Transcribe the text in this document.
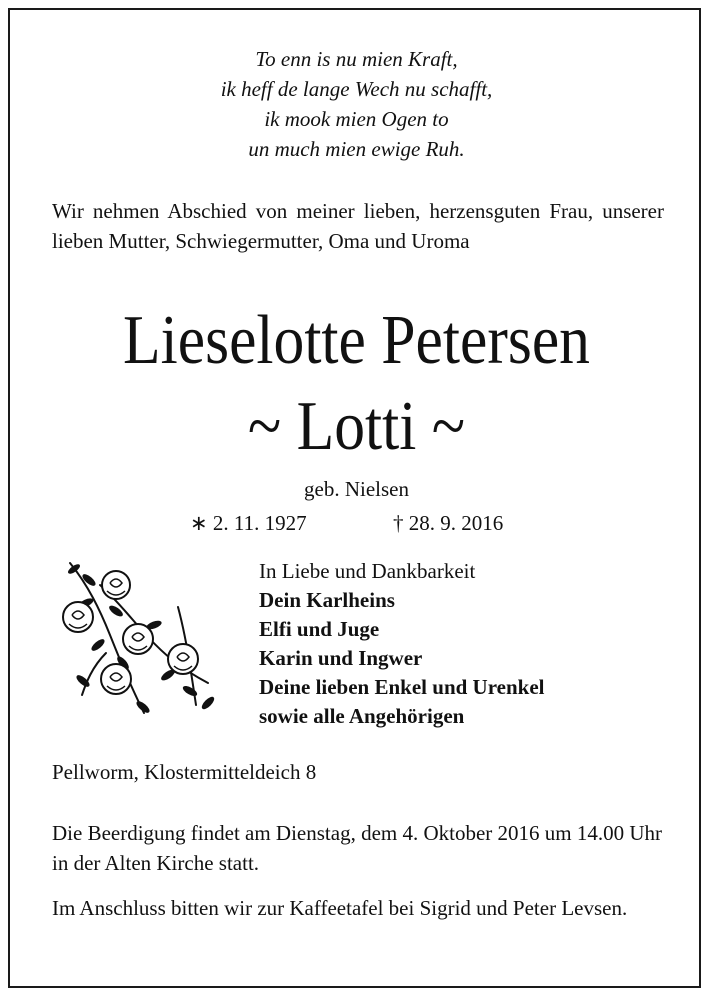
To enn is nu mien Kraft,
ik heff de lange Wech nu schafft,
ik mook mien Ogen to
un much mien ewige Ruh.
Wir nehmen Abschied von meiner lieben, herzensguten Frau, unserer lieben Mutter, Schwiegermutter, Oma und Uroma
Lieselotte Petersen
~ Lotti ~
geb. Nielsen
∗ 2. 11. 1927	† 28. 9. 2016
In Liebe und Dankbarkeit
Dein Karlheins
Elfi und Juge
Karin und Ingwer
Deine lieben Enkel und Urenkel
sowie alle Angehörigen
Pellworm, Klostermitteldeich 8
Die Beerdigung findet am Dienstag, dem 4. Oktober 2016 um 14.00 Uhr in der Alten Kirche statt.
Im Anschluss bitten wir zur Kaffeetafel bei Sigrid und Peter Levsen.
